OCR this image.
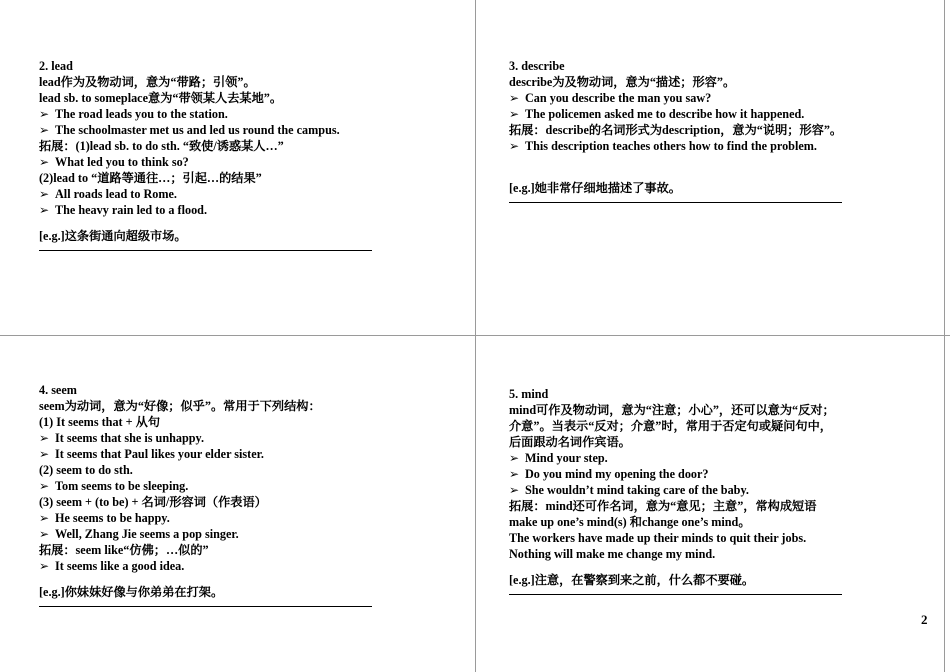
2. lead
lead作为及物动词，意为“带路；引领”。
lead sb. to someplace意为“带领某人去某地”。
➢ The road leads you to the station.
➢ The schoolmaster met us and led us round the campus.
拓展：(1)lead sb. to do sth. “致使/诱惑某人…”
➢ What led you to think so?
(2)lead to “道路等通往…；引起…的结果”
➢ All roads lead to Rome.
➢ The heavy rain led to a flood.
[e.g.]这条街通向超级市场。
3. describe
describe为及物动词，意为“描述；形容”。
➢ Can you describe the man you saw?
➢ The policemen asked me to describe how it happened.
拓展：describe的名词形式为description，意为“说明；形容”。
➢ This description teaches others how to find the problem.
[e.g.]她非常仔细地描述了事故。
4. seem
seem为动词，意为“好像；似乎”。常用于下列结构：
(1) It seems that + 从句
➢ It seems that she is unhappy.
➢ It seems that Paul likes your elder sister.
(2) seem to do sth.
➢ Tom seems to be sleeping.
(3) seem + (to be) + 名词/形容词（作表语）
➢ He seems to be happy.
➢ Well, Zhang Jie seems a pop singer.
拓展：seem like“仿佛；…似的”
➢ It seems like a good idea.
[e.g.]你妹妹好像与你弟弟在打架。
5. mind
mind可作及物动词，意为“注意；小心”，还可以意为“反对；介意”。当表示“反对；介意”时，常用于否定句或疑问句中，后面跟动名词作宾语。
➢ Mind your step.
➢ Do you mind my opening the door?
➢ She wouldn’t mind taking care of the baby.
拓展：mind还可作名词，意为“意见；主意”，常构成短语make up one’s mind(s) 和change one’s mind。
The workers have made up their minds to quit their jobs.
Nothing will make me change my mind.
[e.g.]注意，在警察到来之前，什么都不要碰。
2
